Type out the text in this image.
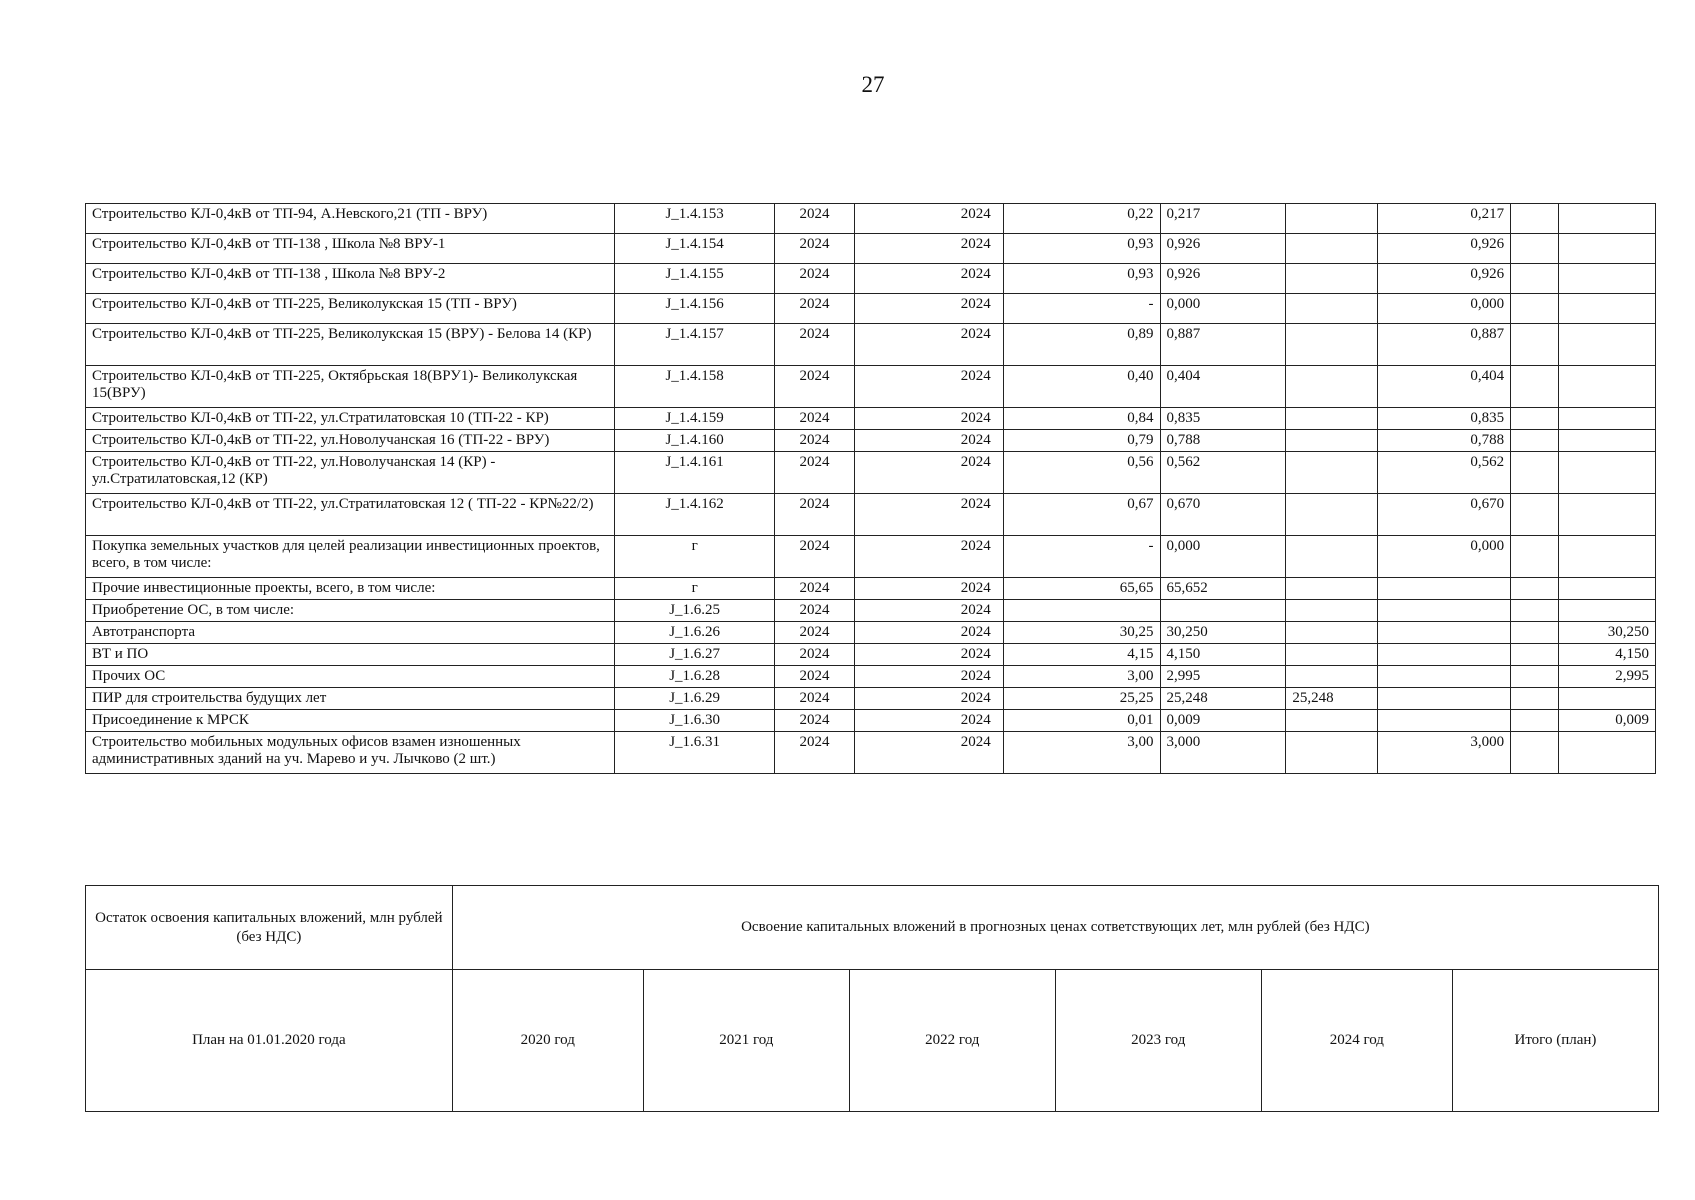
27
Строительство КЛ-0,4кВ от ТП-94, А.Невского,21 (ТП - ВРУ)	J_1.4.153	2024	2024	0,22	0,217		0,217		
Строительство КЛ-0,4кВ от ТП-138 , Школа №8 ВРУ-1	J_1.4.154	2024	2024	0,93	0,926		0,926		
Строительство КЛ-0,4кВ от ТП-138 , Школа №8 ВРУ-2	J_1.4.155	2024	2024	0,93	0,926		0,926		
Строительство КЛ-0,4кВ от ТП-225, Великолукская 15 (ТП - ВРУ)	J_1.4.156	2024	2024	-	0,000		0,000		
Строительство КЛ-0,4кВ от ТП-225, Великолукская 15 (ВРУ) - Белова 14 (КР)	J_1.4.157	2024	2024	0,89	0,887		0,887		
Строительство КЛ-0,4кВ от ТП-225, Октябрьская 18(ВРУ1)- Великолукская 15(ВРУ)	J_1.4.158	2024	2024	0,40	0,404		0,404		
Строительство КЛ-0,4кВ от ТП-22, ул.Стратилатовская 10 (ТП-22 - КР)	J_1.4.159	2024	2024	0,84	0,835		0,835		
Строительство КЛ-0,4кВ от ТП-22, ул.Новолучанская 16 (ТП-22 - ВРУ)	J_1.4.160	2024	2024	0,79	0,788		0,788		
Строительство КЛ-0,4кВ от ТП-22, ул.Новолучанская 14 (КР) - ул.Стратилатовская,12 (КР)	J_1.4.161	2024	2024	0,56	0,562		0,562		
Строительство КЛ-0,4кВ от ТП-22, ул.Стратилатовская 12 ( ТП-22 - КР№22/2)	J_1.4.162	2024	2024	0,67	0,670		0,670		
Покупка земельных участков для целей реализации инвестиционных проектов, всего, в том числе:	г	2024	2024	-	0,000		0,000		
Прочие инвестиционные проекты, всего, в том числе:	г	2024	2024	65,65	65,652				
Приобретение ОС, в том числе:	J_1.6.25	2024	2024						
Автотранспорта	J_1.6.26	2024	2024	30,25	30,250				30,250
ВТ и ПО	J_1.6.27	2024	2024	4,15	4,150				4,150
Прочих ОС	J_1.6.28	2024	2024	3,00	2,995				2,995
ПИР для строительства будущих лет	J_1.6.29	2024	2024	25,25	25,248	25,248			
Присоединение к МРСК	J_1.6.30	2024	2024	0,01	0,009				0,009
Строительство мобильных модульных офисов взамен изношенных административных зданий на уч. Марево и уч. Лычково (2 шт.)	J_1.6.31	2024	2024	3,00	3,000		3,000		
Остаток освоения капитальных вложений, млн рублей (без НДС)	Освоение капитальных вложений в прогнозных ценах сответствующих лет, млн рублей (без НДС)					
План на 01.01.2020 года	2020 год	2021 год	2022 год	2023 год	2024 год	Итого (план)
